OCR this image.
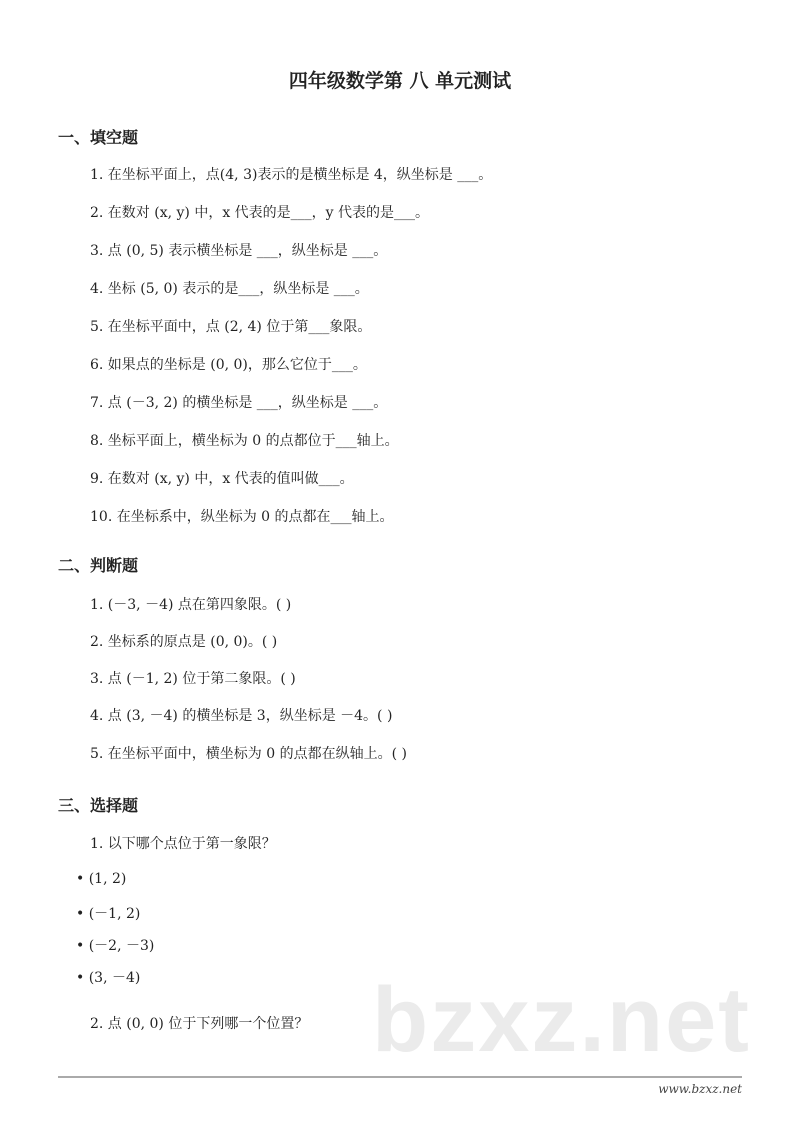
四年级数学第 八 单元测试
一、填空题
1. 在坐标平面上，点(4, 3)表示的是横坐标是 4，纵坐标是 ___。
2. 在数对 (x, y) 中，x 代表的是___，y 代表的是___。
3. 点 (0, 5) 表示横坐标是 ___，纵坐标是 ___。
4. 坐标 (5, 0) 表示的是___，纵坐标是 ___。
5. 在坐标平面中，点 (2, 4) 位于第___象限。
6. 如果点的坐标是 (0, 0)，那么它位于___。
7. 点 (－3, 2) 的横坐标是 ___，纵坐标是 ___。
8. 坐标平面上，横坐标为 0 的点都位于___轴上。
9. 在数对 (x, y) 中，x 代表的值叫做___。
10. 在坐标系中，纵坐标为 0 的点都在___轴上。
二、判断题
1. (－3, －4) 点在第四象限。( )
2. 坐标系的原点是 (0, 0)。( )
3. 点 (－1, 2) 位于第二象限。( )
4. 点 (3, －4) 的横坐标是 3，纵坐标是 －4。( )
5. 在坐标平面中，横坐标为 0 的点都在纵轴上。( )
三、选择题
1. 以下哪个点位于第一象限？
• (1, 2)
• (－1, 2)
• (－2, －3)
• (3, －4)
2. 点 (0, 0) 位于下列哪一个位置？ bzxz.net
www.bzxz.net
